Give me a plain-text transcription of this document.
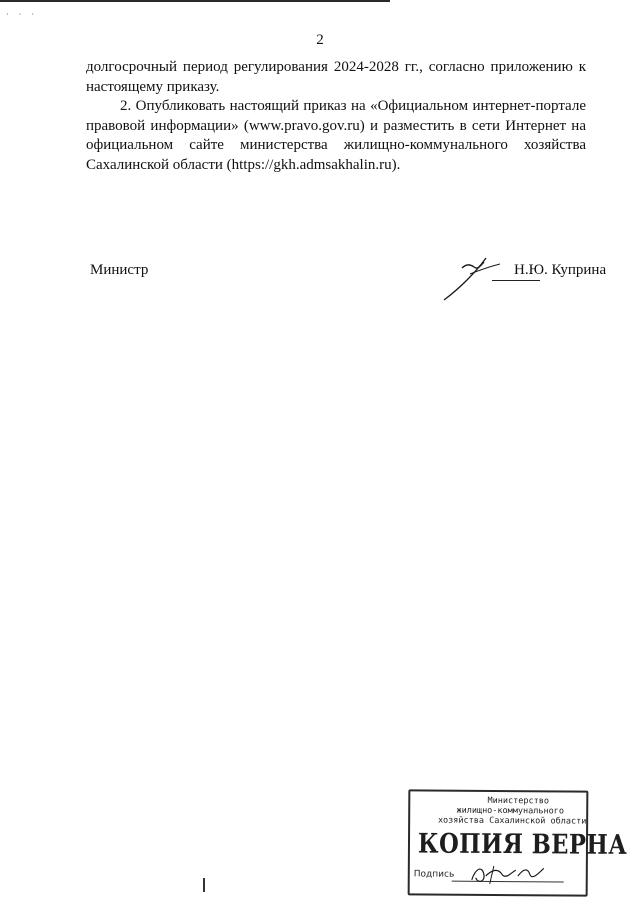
· · ·
2

долгосрочный период регулирования 2024-2028 гг., согласно приложению к настоящему приказу.

2. Опубликовать настоящий приказ на «Официальном интернет-портале правовой информации» (www.pravo.gov.ru) и разместить в сети Интернет на официальном сайте министерства жилищно-коммунального хозяйства Сахалинской области (https://gkh.admsakhalin.ru).

Министр	Н.Ю. Куприна
Министерство
жилищно-коммунального
хозяйства Сахалинской области
КОПИЯ ВЕРНА
Подпись
